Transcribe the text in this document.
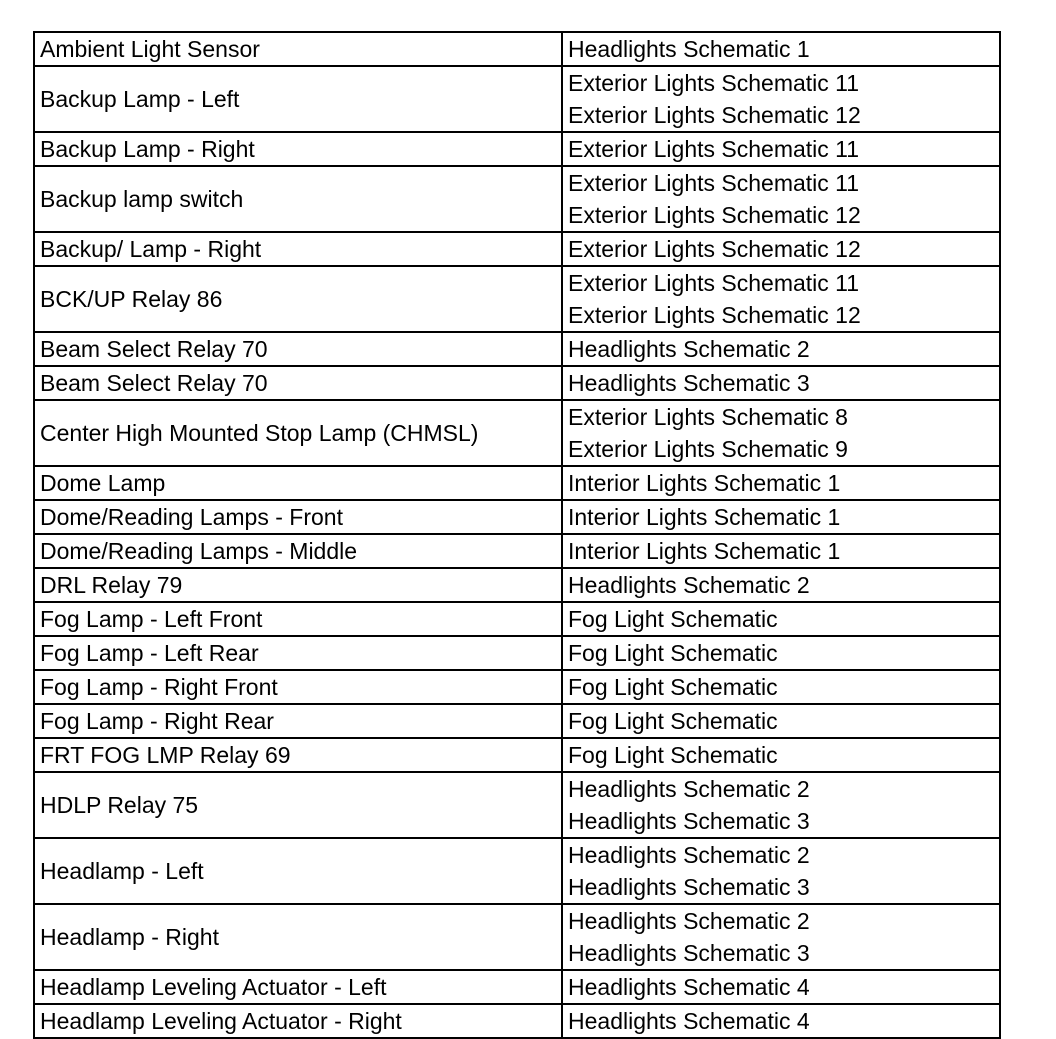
Ambient Light Sensor	Headlights Schematic 1

Backup Lamp - Left	Exterior Lights Schematic 11
Exterior Lights Schematic 12

Backup Lamp - Right	Exterior Lights Schematic 11

Backup lamp switch	Exterior Lights Schematic 11
Exterior Lights Schematic 12

Backup/ Lamp - Right	Exterior Lights Schematic 12

BCK/UP Relay 86	Exterior Lights Schematic 11
Exterior Lights Schematic 12

Beam Select Relay 70	Headlights Schematic 2

Beam Select Relay 70	Headlights Schematic 3

Center High Mounted Stop Lamp (CHMSL)	Exterior Lights Schematic 8
Exterior Lights Schematic 9

Dome Lamp	Interior Lights Schematic 1

Dome/Reading Lamps - Front	Interior Lights Schematic 1

Dome/Reading Lamps - Middle	Interior Lights Schematic 1

DRL Relay 79	Headlights Schematic 2

Fog Lamp - Left Front	Fog Light Schematic

Fog Lamp - Left Rear	Fog Light Schematic

Fog Lamp - Right Front	Fog Light Schematic

Fog Lamp - Right Rear	Fog Light Schematic

FRT FOG LMP Relay 69	Fog Light Schematic

HDLP Relay 75	Headlights Schematic 2
Headlights Schematic 3

Headlamp - Left	Headlights Schematic 2
Headlights Schematic 3

Headlamp - Right	Headlights Schematic 2
Headlights Schematic 3

Headlamp Leveling Actuator - Left	Headlights Schematic 4

Headlamp Leveling Actuator - Right	Headlights Schematic 4
